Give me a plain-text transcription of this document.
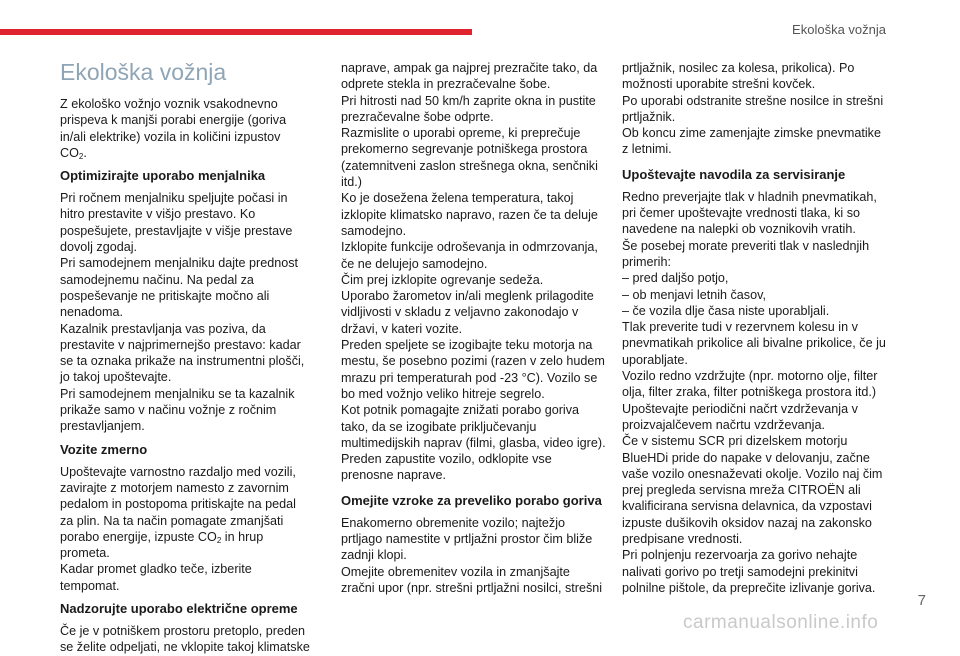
Ekološka vožnja
Ekološka vožnja

Z ekološko vožnjo voznik vsakodnevno prispeva k manjši porabi energije (goriva in/ali elektrike) vozila in količini izpustov $CO_2$.

Optimizirajte uporabo menjalnika

Pri ročnem menjalniku speljujte počasi in hitro prestavite v višjo prestavo. Ko pospešujete, prestavljajte v višje prestave dovolj zgodaj.
Pri samodejnem menjalniku dajte prednost samodejnemu načinu. Na pedal za pospeševanje ne pritiskajte močno ali nenadoma.
Kazalnik prestavljanja vas poziva, da prestavite v najprimernejšo prestavo: kadar se ta oznaka prikaže na instrumentni plošči, jo takoj upoštevajte.
Pri samodejnem menjalniku se ta kazalnik prikaže samo v načinu vožnje z ročnim prestavljanjem.

Vozite zmerno

Upoštevajte varnostno razdaljo med vozili, zavirajte z motorjem namesto z zavornim pedalom in postopoma pritiskajte na pedal za plin. Na ta način pomagate zmanjšati porabo energije, izpuste $CO_2$ in hrup prometa.
Kadar promet gladko teče, izberite tempomat.

Nadzorujte uporabo električne opreme

Če je v potniškem prostoru pretoplo, preden se želite odpeljati, ne vklopite takoj klimatske

naprave, ampak ga najprej prezračite tako, da odprete stekla in prezračevalne šobe.
Pri hitrosti nad 50 km/h zaprite okna in pustite prezračevalne šobe odprte.
Razmislite o uporabi opreme, ki preprečuje prekomerno segrevanje potniškega prostora (zatemnitveni zaslon strešnega okna, senčniki itd.)
Ko je dosežena želena temperatura, takoj izklopite klimatsko napravo, razen če ta deluje samodejno.
Izklopite funkcije odroševanja in odmrzovanja, če ne delujejo samodejno.
Čim prej izklopite ogrevanje sedeža.
Uporabo žarometov in/ali meglenk prilagodite vidljivosti v skladu z veljavno zakonodajo v državi, v kateri vozite.
Preden speljete se izogibajte teku motorja na mestu, še posebno pozimi (razen v zelo hudem mrazu pri temperaturah pod -23 °C). Vozilo se bo med vožnjo veliko hitreje segrelo.
Kot potnik pomagajte znižati porabo goriva tako, da se izogibate priključevanju multimedijskih naprav (filmi, glasba, video igre).
Preden zapustite vozilo, odklopite vse prenosne naprave.

Omejite vzroke za preveliko porabo goriva

Enakomerno obremenite vozilo; najtežjo prtljago namestite v prtljažni prostor čim bliže zadnji klopi.
Omejite obremenitev vozila in zmanjšajte zračni upor (npr. strešni prtljažni nosilci, strešni

prtljažnik, nosilec za kolesa, prikolica). Po možnosti uporabite strešni kovček.
Po uporabi odstranite strešne nosilce in strešni prtljažnik.
Ob koncu zime zamenjajte zimske pnevmatike z letnimi.

Upoštevajte navodila za servisiranje

Redno preverjajte tlak v hladnih pnevmatikah, pri čemer upoštevajte vrednosti tlaka, ki so navedene na nalepki ob voznikovih vratih.
Še posebej morate preveriti tlak v naslednjih primerih:
– pred daljšo potjo,
– ob menjavi letnih časov,
– če vozila dlje časa niste uporabljali.
Tlak preverite tudi v rezervnem kolesu in v pnevmatikah prikolice ali bivalne prikolice, če ju uporabljate.
Vozilo redno vzdržujte (npr. motorno olje, filter olja, filter zraka, filter potniškega prostora itd.) Upoštevajte periodični načrt vzdrževanja v proizvajalčevem načrtu vzdrževanja.
Če v sistemu SCR pri dizelskem motorju BlueHDi pride do napake v delovanju, začne vaše vozilo onesnaževati okolje. Vozilo naj čim prej pregleda servisna mreža CITROËN ali kvalificirana servisna delavnica, da vzpostavi izpuste dušikovih oksidov nazaj na zakonsko predpisane vrednosti.
Pri polnjenju rezervoarja za gorivo nehajte nalivati gorivo po tretji samodejni prekinitvi polnilne pištole, da preprečite izlivanje goriva.

7
carmanualsonline.info
